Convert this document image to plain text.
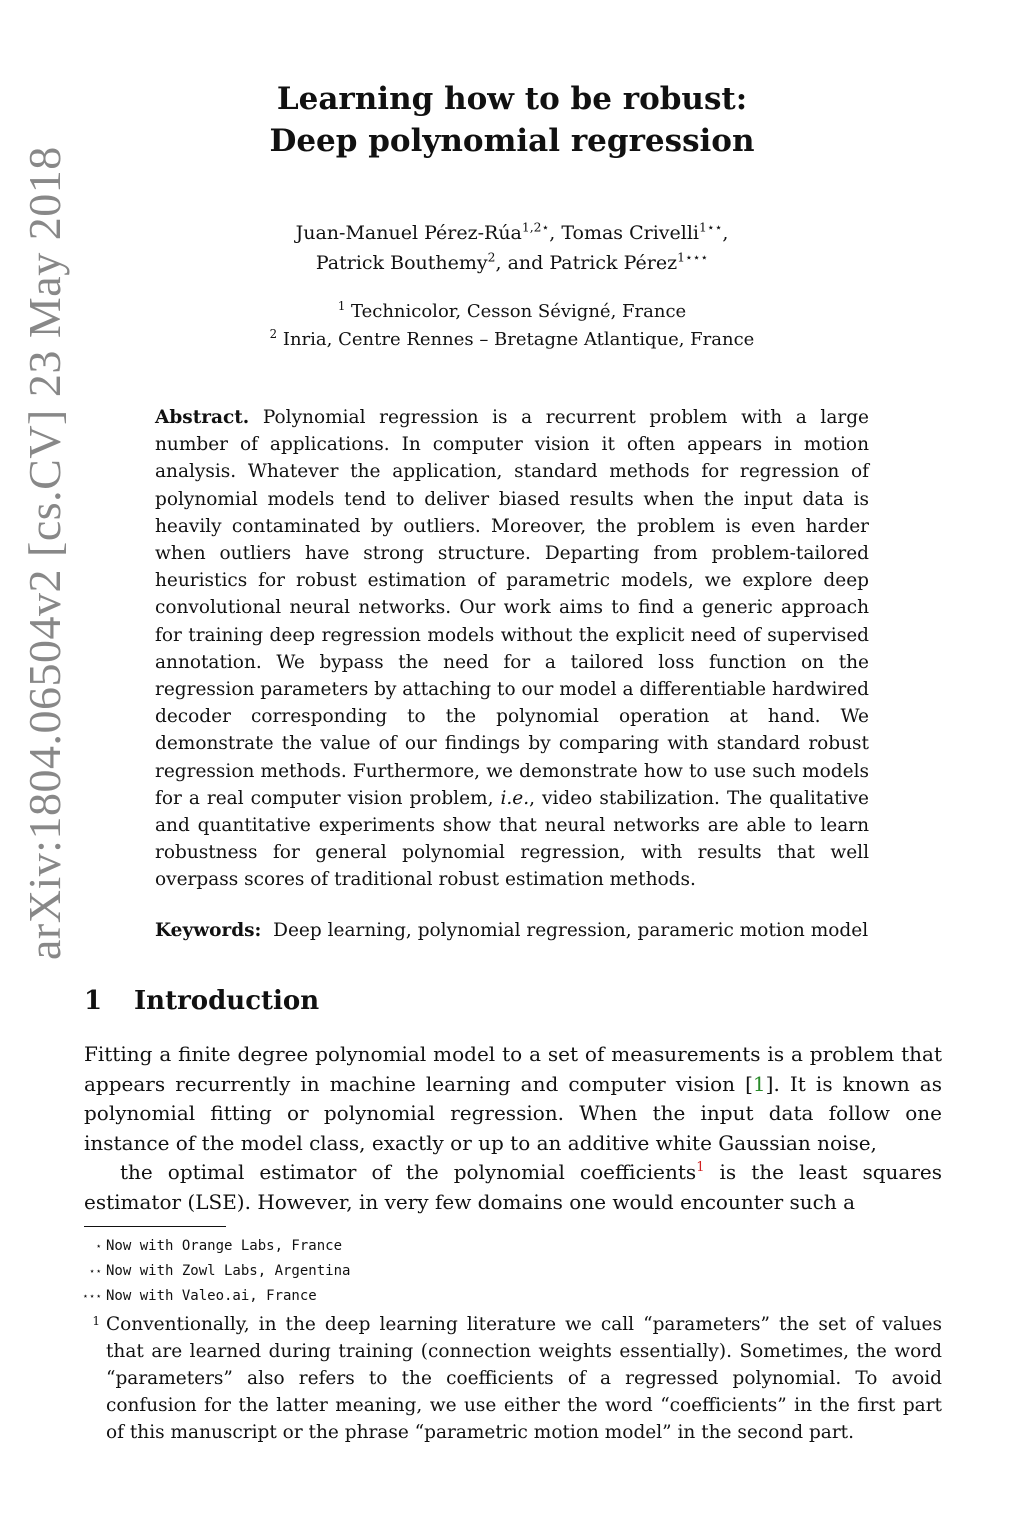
arXiv:1804.06504v2 [cs.CV] 23 May 2018
Learning how to be robust:
Deep polynomial regression
Juan-Manuel Pérez-Rúa$^{1,2⋆}$, Tomas Crivelli$^{1⋆⋆}$,
Patrick Bouthemy$^2$, and Patrick Pérez$^{1⋆⋆⋆}$
$^1$ Technicolor, Cesson Sévigné, France
$^2$ Inria, Centre Rennes – Bretagne Atlantique, France
Abstract. Polynomial regression is a recurrent problem with a large number of applications. In computer vision it often appears in motion analysis. Whatever the application, standard methods for regression of polynomial models tend to deliver biased results when the input data is heavily contaminated by outliers. Moreover, the problem is even harder when outliers have strong structure. Departing from problem-tailored heuristics for robust estimation of parametric models, we explore deep convolutional neural networks. Our work aims to find a generic approach for training deep regression models without the explicit need of supervised annotation. We bypass the need for a tailored loss function on the regression parameters by attaching to our model a differentiable hardwired decoder corresponding to the polynomial operation at hand. We demonstrate the value of our findings by comparing with standard robust regression methods. Furthermore, we demonstrate how to use such models for a real computer vision problem, i.e., video stabilization. The qualitative and quantitative experiments show that neural networks are able to learn robustness for general polynomial regression, with results that well overpass scores of traditional robust estimation methods.
Keywords: Deep learning, polynomial regression, parameric motion model
1 Introduction

Fitting a finite degree polynomial model to a set of measurements is a problem that appears recurrently in machine learning and computer vision [1]. It is known as polynomial fitting or polynomial regression. When the input data follow one instance of the model class, exactly or up to an additive white Gaussian noise,

the optimal estimator of the polynomial coefficients$^1$ is the least squares estimator (LSE). However, in very few domains one would encounter such a

⋆ Now with Orange Labs, France
⋆⋆ Now with Zowl Labs, Argentina
⋆⋆⋆ Now with Valeo.ai, France
1 Conventionally, in the deep learning literature we call “parameters” the set of values that are learned during training (connection weights essentially). Sometimes, the word “parameters” also refers to the coefficients of a regressed polynomial. To avoid confusion for the latter meaning, we use either the word “coefficients” in the first part of this manuscript or the phrase “parametric motion model” in the second part.
